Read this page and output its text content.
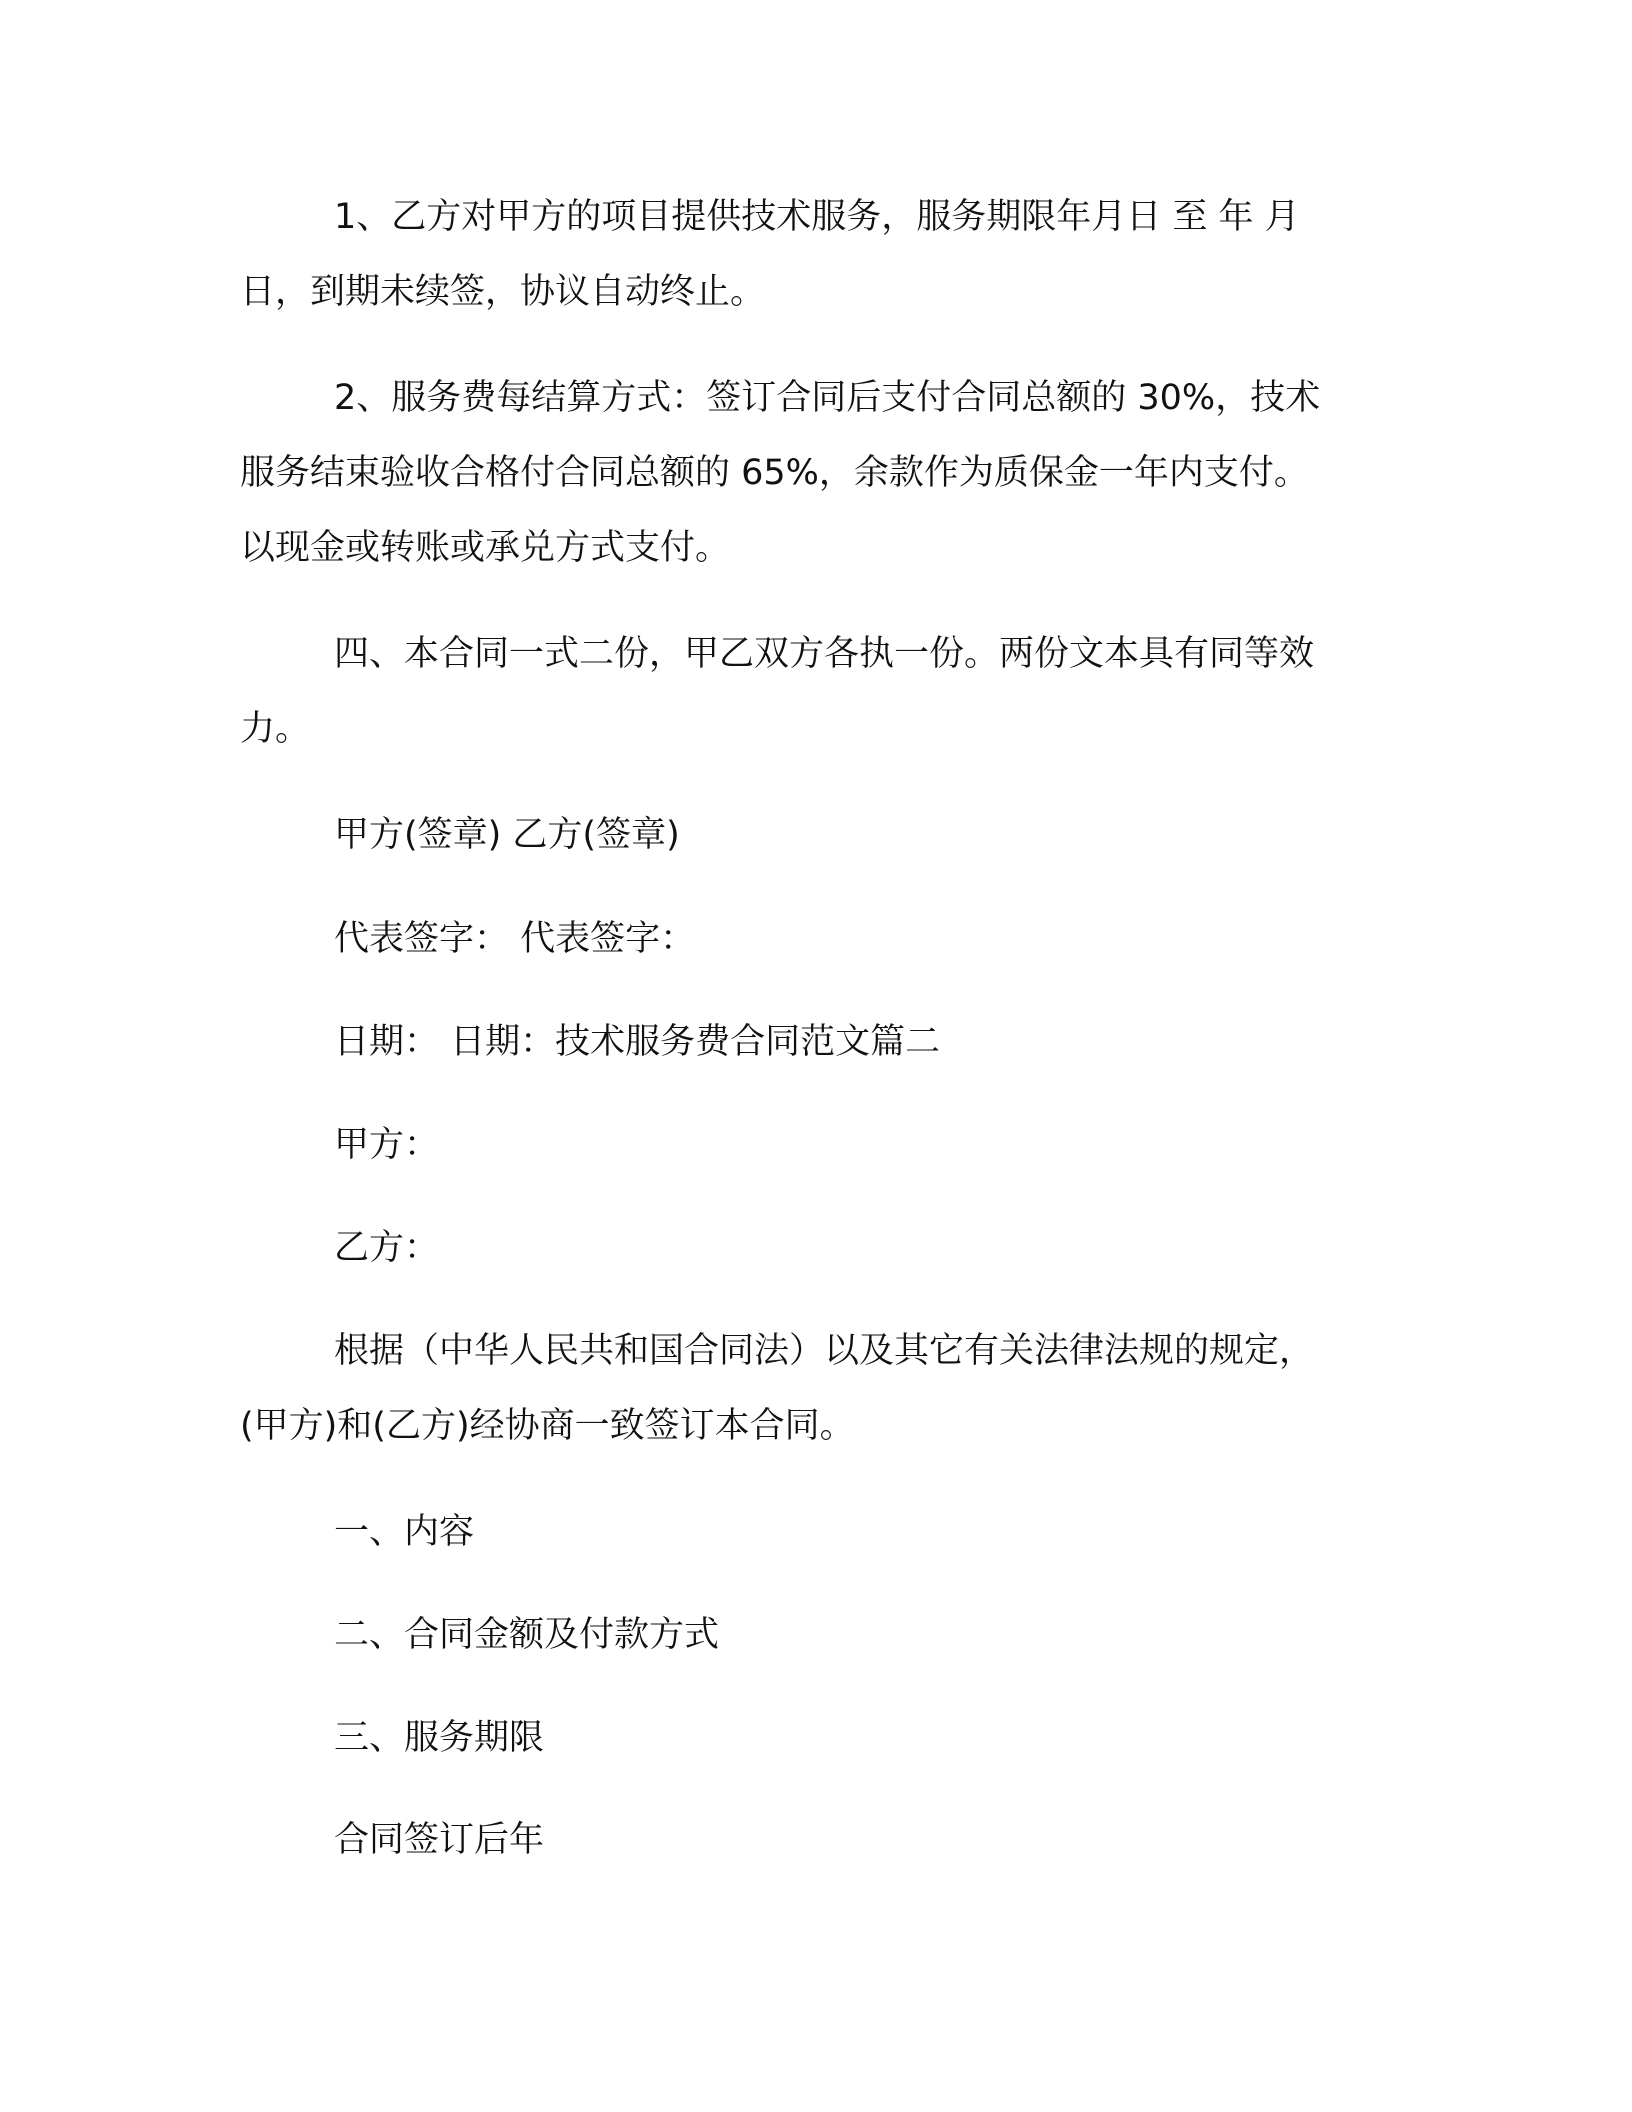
1、乙方对甲方的项目提供技术服务，服务期限年月日 至 年 月
日，到期未续签，协议自动终止。
2、服务费每结算方式：签订合同后支付合同总额的 30%，技术
服务结束验收合格付合同总额的 65%，余款作为质保金一年内支付。
以现金或转账或承兑方式支付。
四、本合同一式二份，甲乙双方各执一份。两份文本具有同等效
力。
甲方(签章) 乙方(签章)
代表签字： 代表签字：
日期： 日期：技术服务费合同范文篇二
甲方：
乙方：
根据（中华人民共和国合同法）以及其它有关法律法规的规定，
(甲方)和(乙方)经协商一致签订本合同。
一、内容
二、合同金额及付款方式
三、服务期限
合同签订后年
